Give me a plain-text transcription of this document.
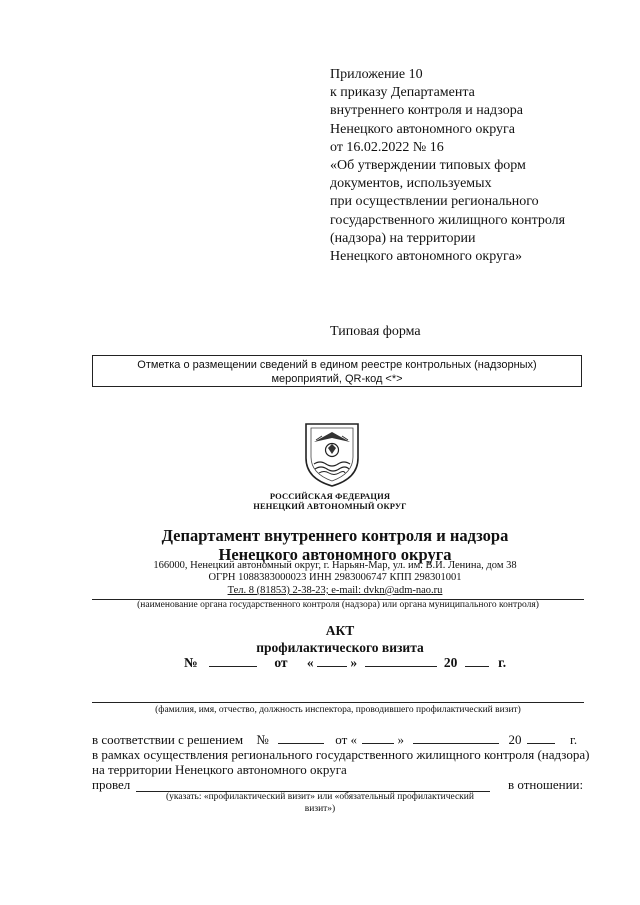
Приложение 10
к приказу Департамента
внутреннего контроля и надзора
Ненецкого автономного округа
от 16.02.2022 № 16
«Об утверждении типовых форм
документов, используемых
при осуществлении регионального
государственного жилищного контроля
(надзора) на территории
Ненецкого автономного округа»
Типовая форма
Отметка о размещении сведений в едином реестре контрольных (надзорных)
мероприятий, QR-код <*>
РОССИЙСКАЯ ФЕДЕРАЦИЯ
НЕНЕЦКИЙ АВТОНОМНЫЙ ОКРУГ
Департамент внутреннего контроля и надзора
Ненецкого автономного округа
166000, Ненецкий автономный округ, г. Нарьян-Мар, ул. им. В.И. Ленина, дом 38
ОГРН 1088383000023 ИНН 2983006747 КПП 298301001
Тел. 8 (81853) 2-38-23; e-mail: dvkn@adm-nao.ru
(наименование органа государственного контроля (надзора) или органа муниципального контроля)
АКТ
профилактического визита
№	от «	»	20	г.
(фамилия, имя, отчество, должность инспектора, проводившего профилактический визит)
в соответствии с решением №	от «	»	20	г.
в рамках осуществления регионального государственного жилищного контроля (надзора)
на территории Ненецкого автономного округа
провел	в отношении:
(указать: «профилактический визит» или «обязательный профилактический
визит»)
